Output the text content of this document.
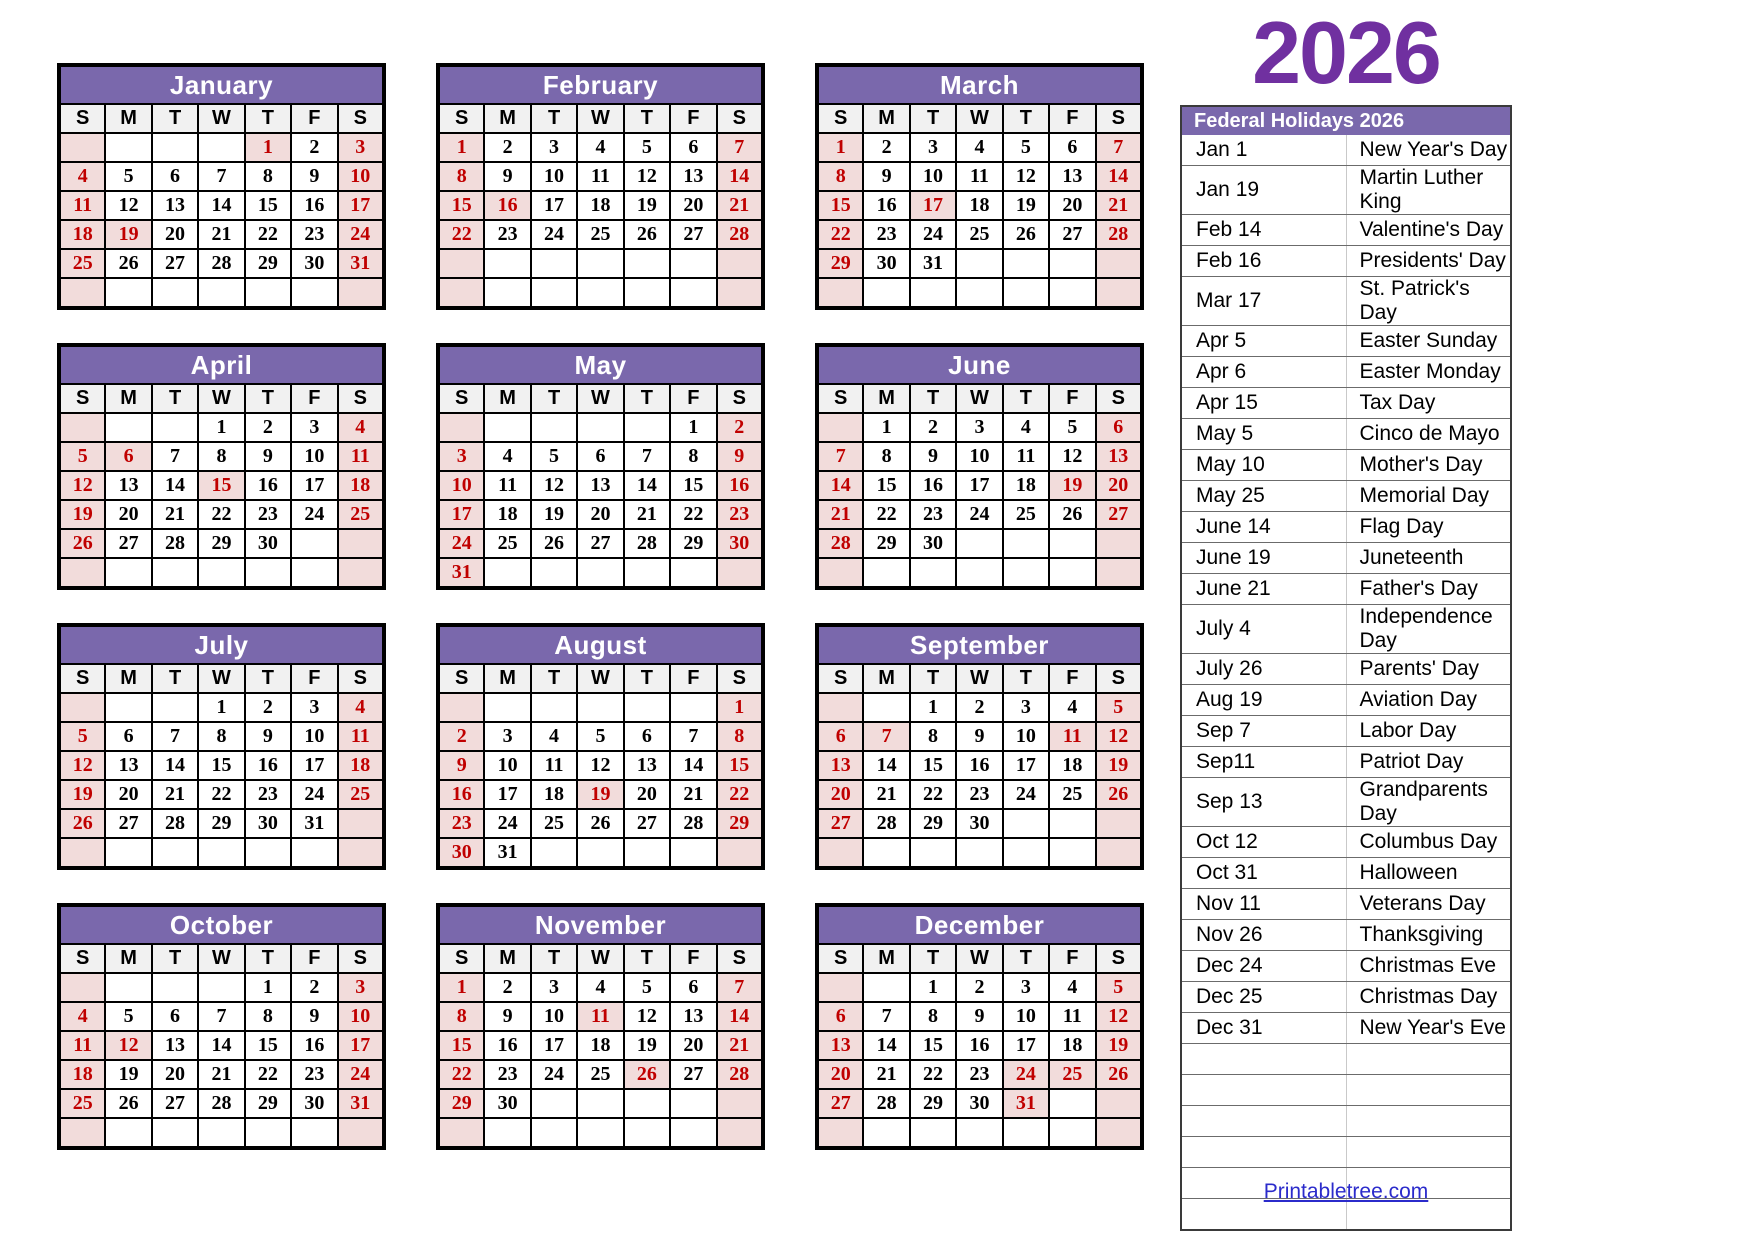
2026
January						
S	M	T	W	T	F	S
				1	2	3
4	5	6	7	8	9	10
11	12	13	14	15	16	17
18	19	20	21	22	23	24
25	26	27	28	29	30	31

February						
S	M	T	W	T	F	S
1	2	3	4	5	6	7
8	9	10	11	12	13	14
15	16	17	18	19	20	21
22	23	24	25	26	27	28

March						
S	M	T	W	T	F	S
1	2	3	4	5	6	7
8	9	10	11	12	13	14
15	16	17	18	19	20	21
22	23	24	25	26	27	28
29	30	31				

April						
S	M	T	W	T	F	S
			1	2	3	4
5	6	7	8	9	10	11
12	13	14	15	16	17	18
19	20	21	22	23	24	25
26	27	28	29	30		

May						
S	M	T	W	T	F	S
					1	2
3	4	5	6	7	8	9
10	11	12	13	14	15	16
17	18	19	20	21	22	23
24	25	26	27	28	29	30
31						
June						
S	M	T	W	T	F	S
	1	2	3	4	5	6
7	8	9	10	11	12	13
14	15	16	17	18	19	20
21	22	23	24	25	26	27
28	29	30				

July						
S	M	T	W	T	F	S
			1	2	3	4
5	6	7	8	9	10	11
12	13	14	15	16	17	18
19	20	21	22	23	24	25
26	27	28	29	30	31	

August						
S	M	T	W	T	F	S
						1
2	3	4	5	6	7	8
9	10	11	12	13	14	15
16	17	18	19	20	21	22
23	24	25	26	27	28	29
30	31					
September						
S	M	T	W	T	F	S
		1	2	3	4	5
6	7	8	9	10	11	12
13	14	15	16	17	18	19
20	21	22	23	24	25	26
27	28	29	30			

October						
S	M	T	W	T	F	S
				1	2	3
4	5	6	7	8	9	10
11	12	13	14	15	16	17
18	19	20	21	22	23	24
25	26	27	28	29	30	31

November						
S	M	T	W	T	F	S
1	2	3	4	5	6	7
8	9	10	11	12	13	14
15	16	17	18	19	20	21
22	23	24	25	26	27	28
29	30					

December						
S	M	T	W	T	F	S
		1	2	3	4	5
6	7	8	9	10	11	12
13	14	15	16	17	18	19
20	21	22	23	24	25	26
27	28	29	30	31		

Federal Holidays 2026	
Jan 1	New Year's Day
Jan 19	Martin Luther King
Feb 14	Valentine's Day
Feb 16	Presidents' Day
Mar 17	St. Patrick's Day
Apr 5	Easter Sunday
Apr 6	Easter Monday
Apr 15	Tax Day
May 5	Cinco de Mayo
May 10	Mother's Day
May 25	Memorial Day
June 14	Flag Day
June 19	Juneteenth
June 21	Father's Day
July 4	Independence Day
July 26	Parents' Day
Aug 19	Aviation Day
Sep 7	Labor Day
Sep11	Patriot Day
Sep 13	Grandparents Day
Oct 12	Columbus Day
Oct 31	Halloween
Nov 11	Veterans Day
Nov 26	Thanksgiving
Dec 24	Christmas Eve
Dec 25	Christmas Day
Dec 31	New Year's Eve

Printabletree.com
